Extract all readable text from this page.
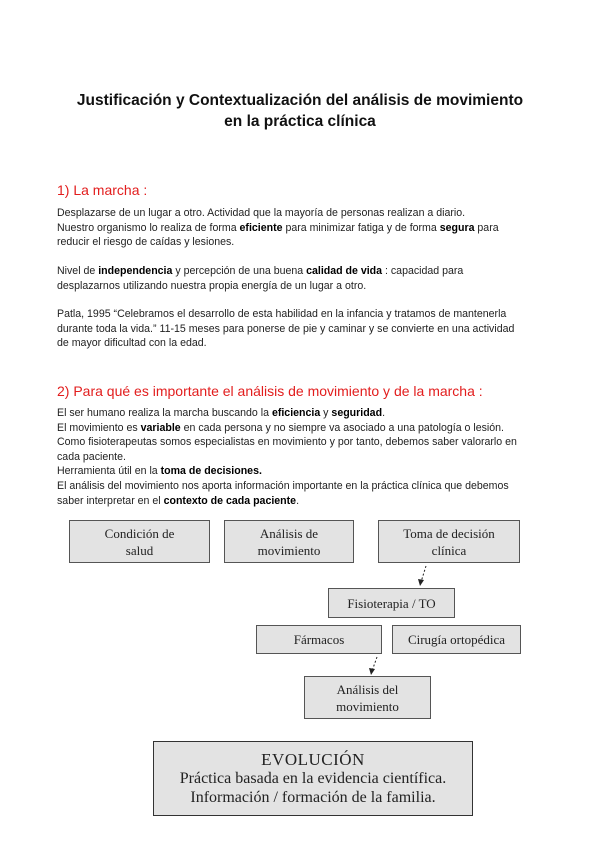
Justificación y Contextualización del análisis de movimiento
en la práctica clínica
1) La marcha :
Desplazarse de un lugar a otro. Actividad que la mayoría de personas realizan a diario.
Nuestro organismo lo realiza de forma eficiente para minimizar fatiga y de forma segura para
reducir el riesgo de caídas y lesiones.
Nivel de independencia y percepción de una buena calidad de vida : capacidad para
desplazarnos utilizando nuestra propia energía de un lugar a otro.
Patla, 1995 “Celebramos el desarrollo de esta habilidad en la infancia y tratamos de mantenerla
durante toda la vida.” 11-15 meses para ponerse de pie y caminar y se convierte en una actividad
de mayor dificultad con la edad.
2) Para qué es importante el análisis de movimiento y de la marcha :
El ser humano realiza la marcha buscando la eficiencia y seguridad.
El movimiento es variable en cada persona y no siempre va asociado a una patología o lesión.
Como fisioterapeutas somos especialistas en movimiento y por tanto, debemos saber valorarlo en
cada paciente.
Herramienta útil en la toma de decisiones.
El análisis del movimiento nos aporta información importante en la práctica clínica que debemos
saber interpretar en el contexto de cada paciente.
Condición de
salud
Análisis de
movimiento
Toma de decisión
clínica
Fisioterapia / TO
Fármacos	Cirugía ortopédica
Análisis del
movimiento
EVOLUCIÓN
Práctica basada en la evidencia científica.
Información / formación de la familia.
